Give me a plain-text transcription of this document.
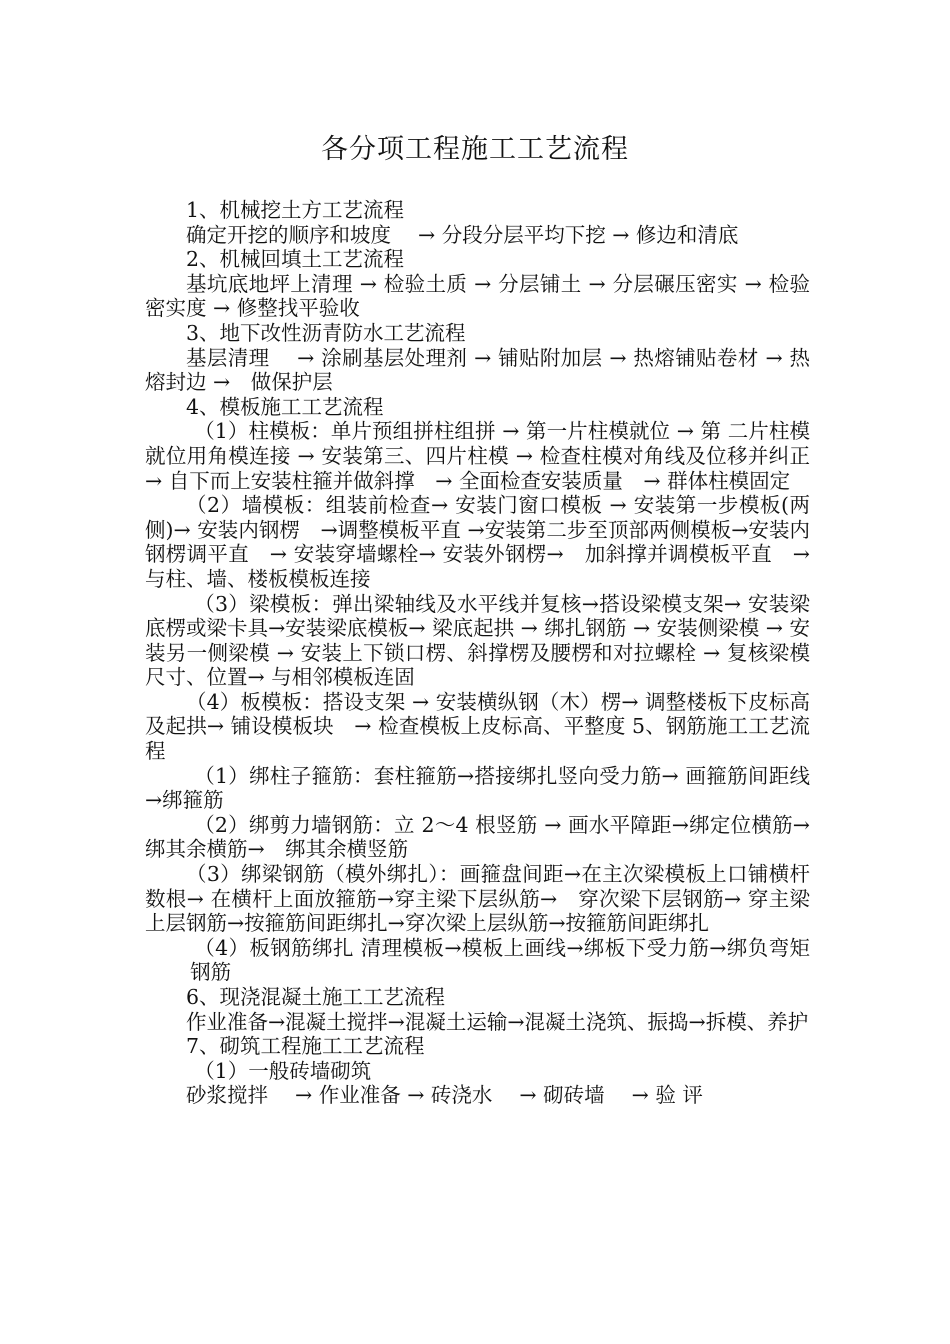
各分项工程施工工艺流程

1、机械挖土方工艺流程

确定开挖的顺序和坡度　 → 分段分层平均下挖 → 修边和清底

2、机械回填土工艺流程

基坑底地坪上清理 → 检验土质 → 分层铺土 → 分层碾压密实 → 检验密实度 → 修整找平验收

3、地下改性沥青防水工艺流程

基层清理　 → 涂刷基层处理剂 → 铺贴附加层 → 热熔铺贴卷材 → 热熔封边 →　做保护层

4、模板施工工艺流程

（1）柱模板：单片预组拼柱组拼 → 第一片柱模就位 → 第 二片柱模就位用角模连接 → 安装第三、四片柱模 → 检查柱模对角线及位移并纠正 → 自下而上安装柱箍并做斜撑　→ 全面检查安装质量　→ 群体柱模固定

（2）墙模板：组装前检查→ 安装门窗口模板 → 安装第一步模板(两侧)→ 安装内钢楞　→调整模板平直 →安装第二步至顶部两侧模板→安装内钢楞调平直　→ 安装穿墙螺栓→ 安装外钢楞→　加斜撑并调模板平直　→ 与柱、墙、楼板模板连接

（3）梁模板：弹出梁轴线及水平线并复核→搭设梁模支架→ 安装梁底楞或梁卡具→安装梁底模板→ 梁底起拱 → 绑扎钢筋 → 安装侧梁模 → 安装另一侧梁模 → 安装上下锁口楞、斜撑楞及腰楞和对拉螺栓 → 复核梁模尺寸、位置→ 与相邻模板连固

（4）板模板：搭设支架 → 安装横纵钢（木）楞→ 调整楼板下皮标高及起拱→ 铺设模板块　→ 检查模板上皮标高、平整度 5、钢筋施工工艺流程

（1）绑柱子箍筋：套柱箍筋→搭接绑扎竖向受力筋→ 画箍筋间距线→绑箍筋

（2）绑剪力墙钢筋：立 2～4 根竖筋 → 画水平障距→绑定位横筋→绑其余横筋→　绑其余横竖筋

（3）绑梁钢筋（模外绑扎）：画箍盘间距→在主次梁模板上口铺横杆数根→ 在横杆上面放箍筋→穿主梁下层纵筋→　穿次梁下层钢筋→ 穿主梁上层钢筋→按箍筋间距绑扎→穿次梁上层纵筋→按箍筋间距绑扎

（4）板钢筋绑扎 清理模板→模板上画线→绑板下受力筋→绑负弯矩钢筋

6、现浇混凝土施工工艺流程

作业准备→混凝土搅拌→混凝土运输→混凝土浇筑、振捣→拆模、养护

7、砌筑工程施工工艺流程

（1）一般砖墙砌筑

砂浆搅拌　 → 作业准备 → 砖浇水　 → 砌砖墙　 → 验 评
